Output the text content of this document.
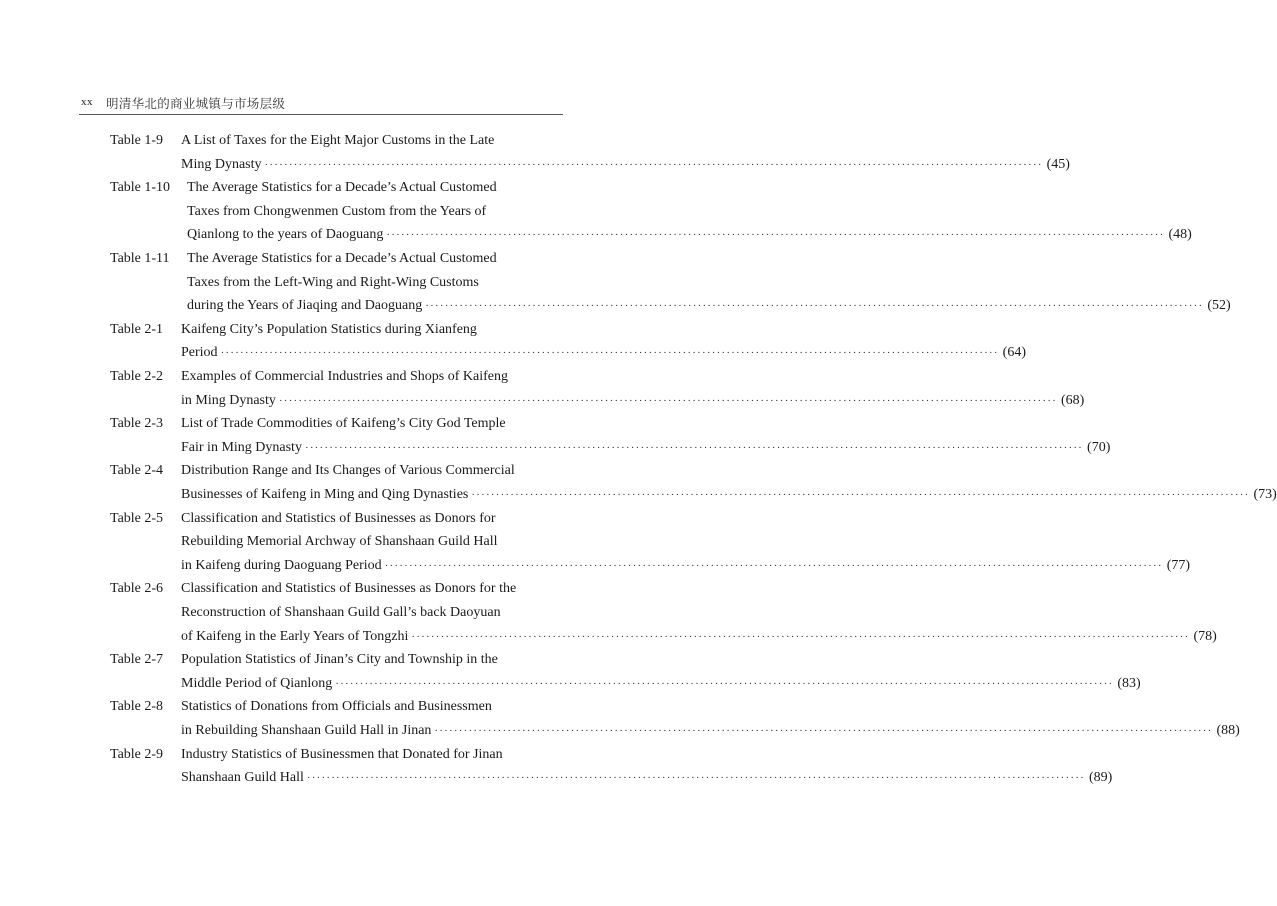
xx 明清华北的商业城镇与市场层级
Table 1-9 A List of Taxes for the Eight Major Customs in the Late
Ming Dynasty ································································································································································ (45)
Table 1-10 The Average Statistics for a Decade’s Actual Customed
Taxes from Chongwenmen Custom from the Years of
Qianlong to the years of Daoguang ································································································································································ (48)
Table 1-11 The Average Statistics for a Decade’s Actual Customed
Taxes from the Left-Wing and Right-Wing Customs
during the Years of Jiaqing and Daoguang ································································································································································ (52)
Table 2-1 Kaifeng City’s Population Statistics during Xianfeng
Period ································································································································································ (64)
Table 2-2 Examples of Commercial Industries and Shops of Kaifeng
in Ming Dynasty ································································································································································ (68)
Table 2-3 List of Trade Commodities of Kaifeng’s City God Temple
Fair in Ming Dynasty ································································································································································ (70)
Table 2-4 Distribution Range and Its Changes of Various Commercial
Businesses of Kaifeng in Ming and Qing Dynasties ································································································································································ (73)
Table 2-5 Classification and Statistics of Businesses as Donors for
Rebuilding Memorial Archway of Shanshaan Guild Hall
in Kaifeng during Daoguang Period ································································································································································ (77)
Table 2-6 Classification and Statistics of Businesses as Donors for the
Reconstruction of Shanshaan Guild Gall’s back Daoyuan
of Kaifeng in the Early Years of Tongzhi ································································································································································ (78)
Table 2-7 Population Statistics of Jinan’s City and Township in the
Middle Period of Qianlong ································································································································································ (83)
Table 2-8 Statistics of Donations from Officials and Businessmen
in Rebuilding Shanshaan Guild Hall in Jinan ································································································································································ (88)
Table 2-9 Industry Statistics of Businessmen that Donated for Jinan
Shanshaan Guild Hall ································································································································································ (89)
